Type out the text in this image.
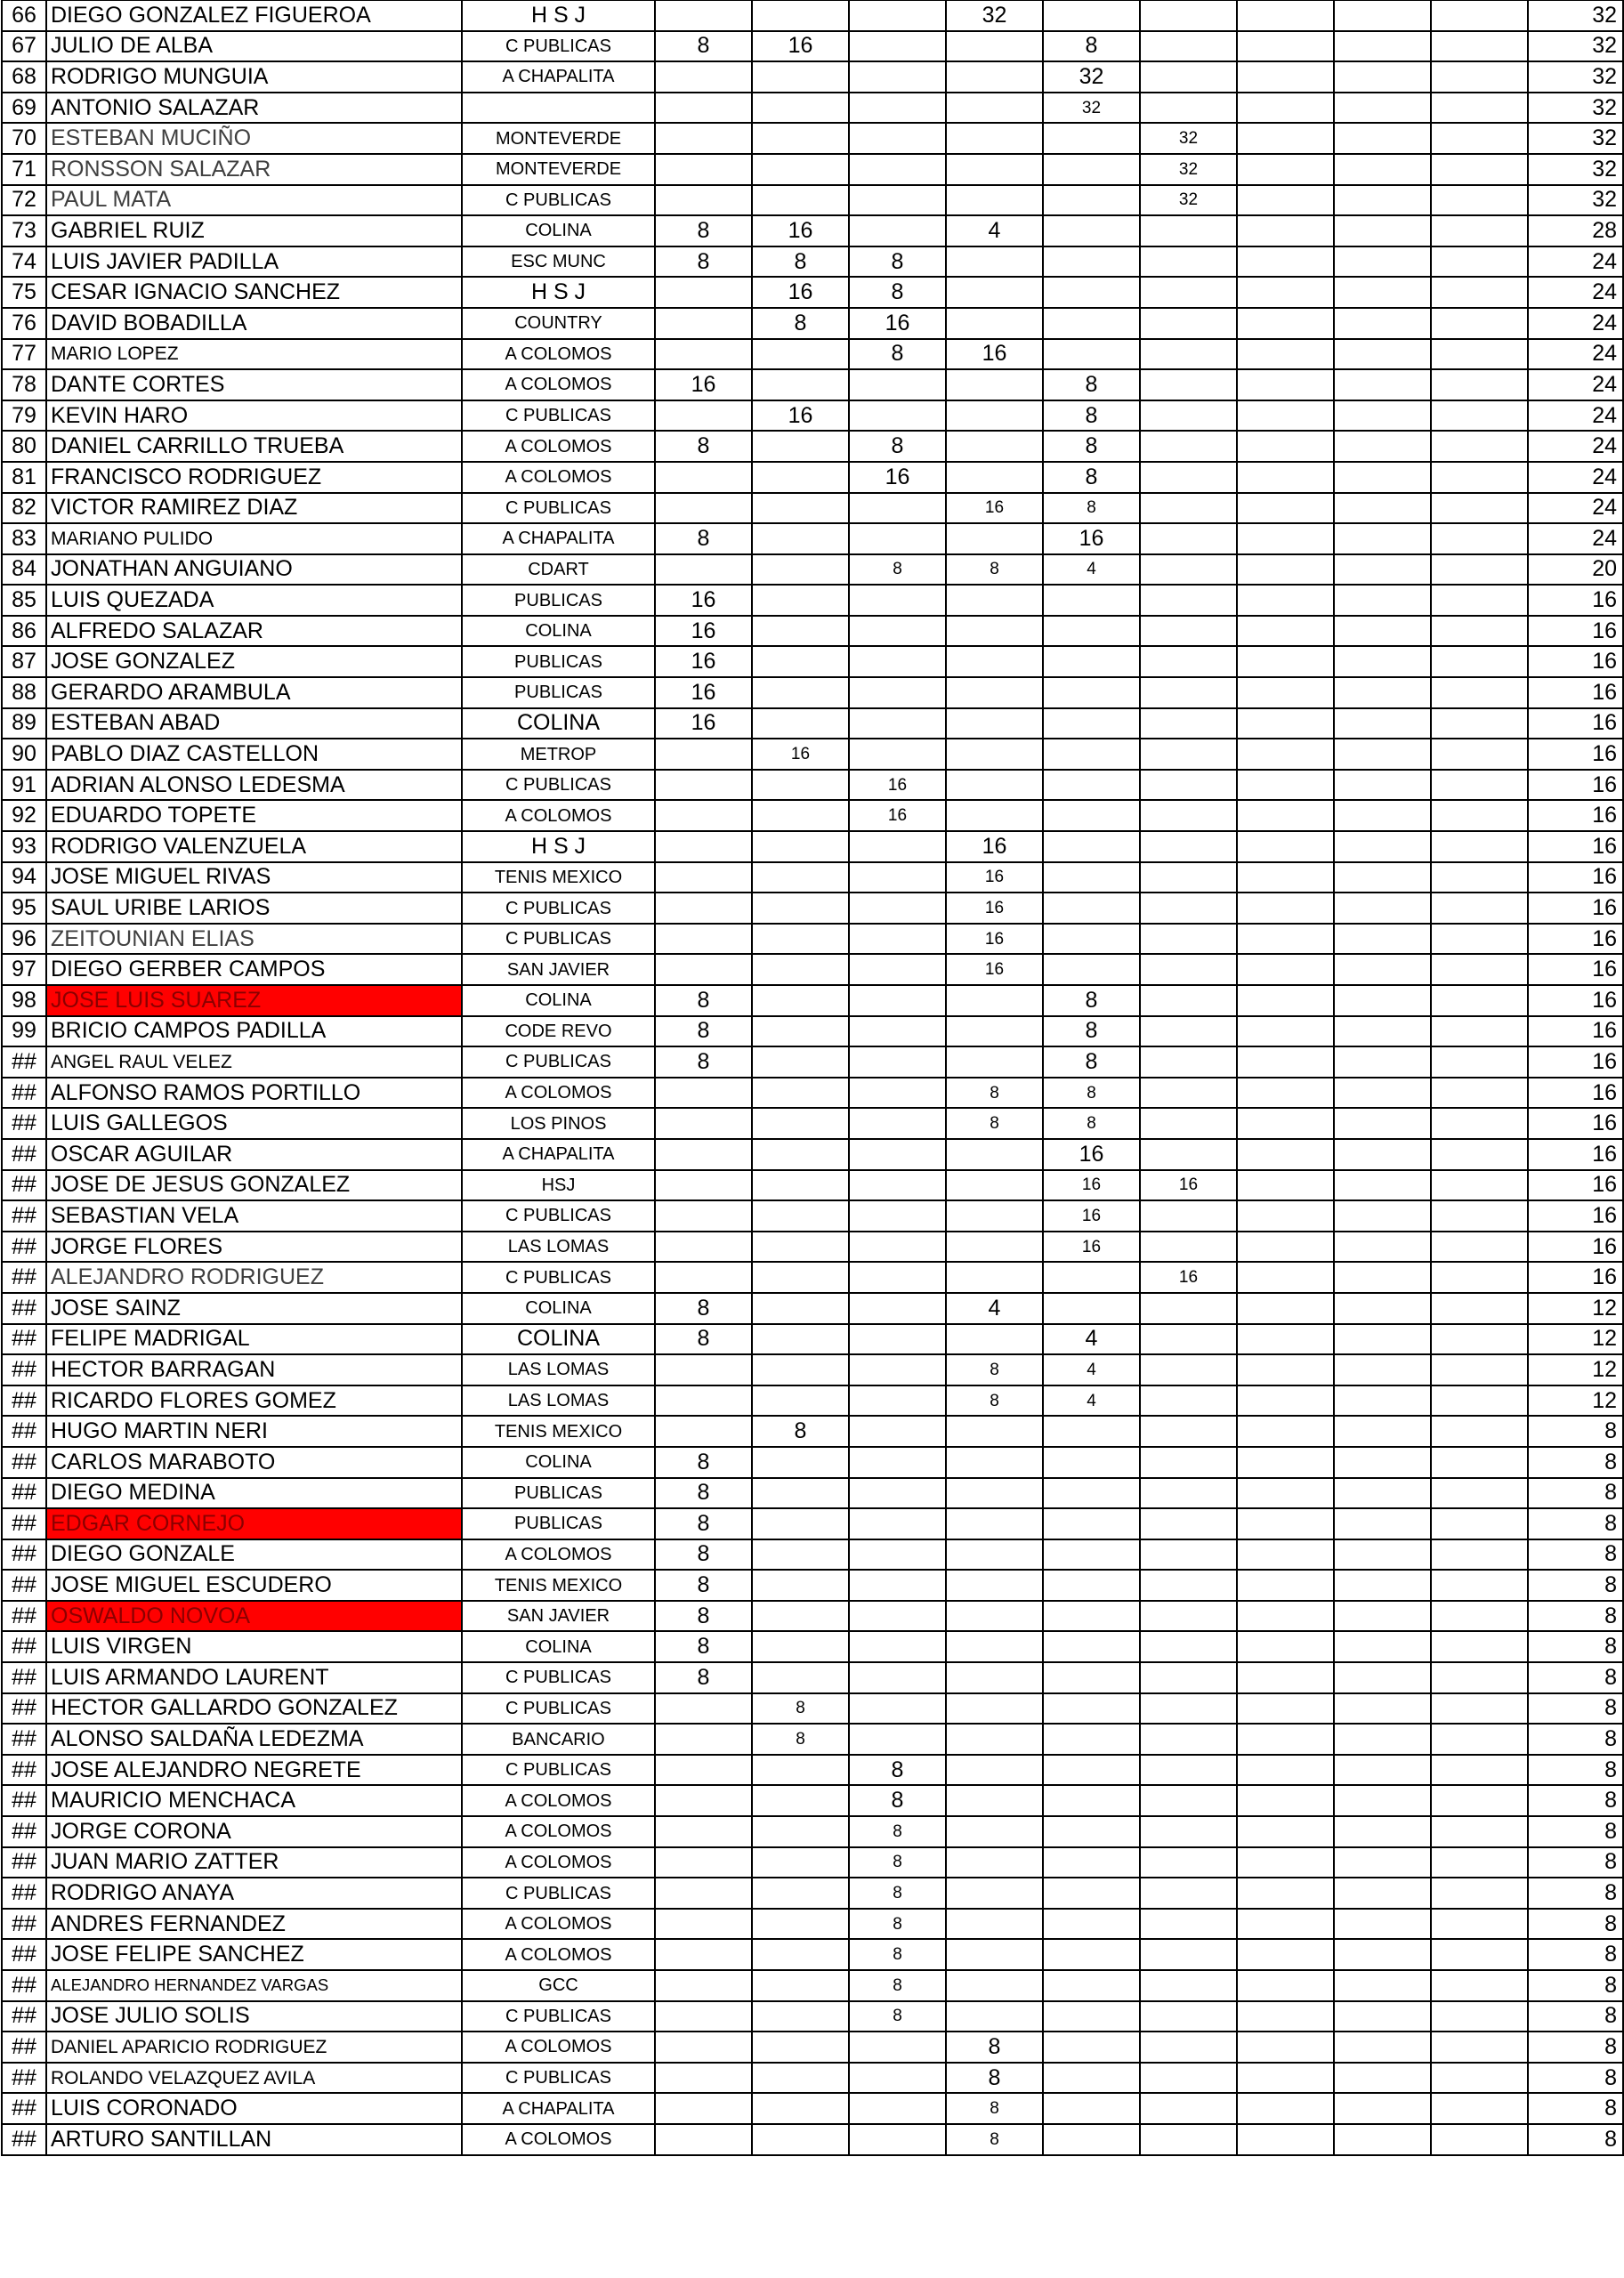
66	DIEGO GONZALEZ FIGUEROA	H S J				32						32
67	JULIO DE ALBA	C PUBLICAS	8	16			8					32
68	RODRIGO MUNGUIA	A CHAPALITA					32					32
69	ANTONIO SALAZAR						32					32
70	ESTEBAN MUCIÑO	MONTEVERDE						32				32
71	RONSSON SALAZAR	MONTEVERDE						32				32
72	PAUL MATA	C PUBLICAS						32				32
73	GABRIEL RUIZ	COLINA	8	16		4						28
74	LUIS JAVIER PADILLA	ESC MUNC	8	8	8							24
75	CESAR IGNACIO SANCHEZ	H S J		16	8							24
76	DAVID BOBADILLA	COUNTRY		8	16							24
77	MARIO LOPEZ	A COLOMOS			8	16						24
78	DANTE CORTES	A COLOMOS	16				8					24
79	KEVIN HARO	C PUBLICAS		16			8					24
80	DANIEL CARRILLO TRUEBA	A COLOMOS	8		8		8					24
81	FRANCISCO RODRIGUEZ	A COLOMOS			16		8					24
82	VICTOR RAMIREZ DIAZ	C PUBLICAS				16	8					24
83	MARIANO PULIDO	A CHAPALITA	8				16					24
84	JONATHAN ANGUIANO	CDART			8	8	4					20
85	LUIS QUEZADA	PUBLICAS	16									16
86	ALFREDO SALAZAR	COLINA	16									16
87	JOSE GONZALEZ	PUBLICAS	16									16
88	GERARDO ARAMBULA	PUBLICAS	16									16
89	ESTEBAN ABAD	COLINA	16									16
90	PABLO DIAZ CASTELLON	METROP		16								16
91	ADRIAN ALONSO LEDESMA	C PUBLICAS			16							16
92	EDUARDO TOPETE	A COLOMOS			16							16
93	RODRIGO VALENZUELA	H S J				16						16
94	JOSE MIGUEL RIVAS	TENIS MEXICO				16						16
95	SAUL URIBE LARIOS	C PUBLICAS				16						16
96	ZEITOUNIAN ELIAS	C PUBLICAS				16						16
97	DIEGO GERBER CAMPOS	SAN JAVIER				16						16
98	JOSE LUIS SUAREZ	COLINA	8				8					16
99	BRICIO CAMPOS PADILLA	CODE REVO	8				8					16
##	ANGEL RAUL VELEZ	C PUBLICAS	8				8					16
##	ALFONSO RAMOS PORTILLO	A COLOMOS				8	8					16
##	LUIS GALLEGOS	LOS PINOS				8	8					16
##	OSCAR AGUILAR	A CHAPALITA					16					16
##	JOSE DE JESUS GONZALEZ	HSJ					16	16				16
##	SEBASTIAN VELA	C PUBLICAS					16					16
##	JORGE FLORES	LAS LOMAS					16					16
##	ALEJANDRO RODRIGUEZ	C PUBLICAS						16				16
##	JOSE SAINZ	COLINA	8			4						12
##	FELIPE MADRIGAL	COLINA	8				4					12
##	HECTOR BARRAGAN	LAS LOMAS				8	4					12
##	RICARDO FLORES GOMEZ	LAS LOMAS				8	4					12
##	HUGO MARTIN NERI	TENIS MEXICO		8								8
##	CARLOS MARABOTO	COLINA	8									8
##	DIEGO MEDINA	PUBLICAS	8									8
##	EDGAR CORNEJO	PUBLICAS	8									8
##	DIEGO GONZALE	A COLOMOS	8									8
##	JOSE MIGUEL ESCUDERO	TENIS MEXICO	8									8
##	OSWALDO NOVOA	SAN JAVIER	8									8
##	LUIS VIRGEN	COLINA	8									8
##	LUIS ARMANDO LAURENT	C PUBLICAS	8									8
##	HECTOR GALLARDO GONZALEZ	C PUBLICAS		8								8
##	ALONSO SALDAÑA LEDEZMA	BANCARIO		8								8
##	JOSE ALEJANDRO NEGRETE	C PUBLICAS			8							8
##	MAURICIO MENCHACA	A COLOMOS			8							8
##	JORGE CORONA	A COLOMOS			8							8
##	JUAN MARIO ZATTER	A COLOMOS			8							8
##	RODRIGO ANAYA	C PUBLICAS			8							8
##	ANDRES FERNANDEZ	A COLOMOS			8							8
##	JOSE FELIPE SANCHEZ	A COLOMOS			8							8
##	ALEJANDRO HERNANDEZ VARGAS	GCC			8							8
##	JOSE JULIO SOLIS	C PUBLICAS			8							8
##	DANIEL APARICIO RODRIGUEZ	A COLOMOS				8						8
##	ROLANDO VELAZQUEZ AVILA	C PUBLICAS				8						8
##	LUIS CORONADO	A CHAPALITA				8						8
##	ARTURO SANTILLAN	A COLOMOS				8						8
